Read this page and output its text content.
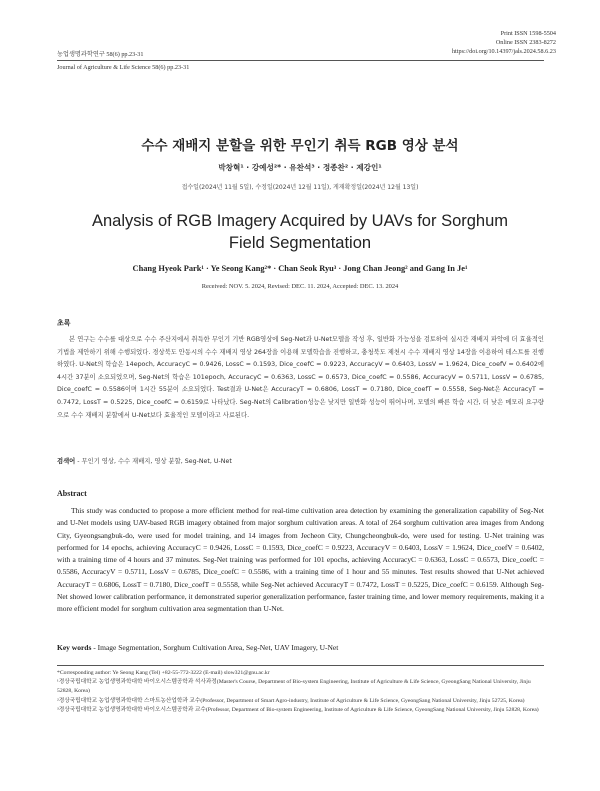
Print ISSN 1598-5504
Online ISSN 2383-8272
https://doi.org/10.14397/jals.2024.58.6.23
농업생명과학연구 58(6) pp.23-31
Journal of Agriculture & Life Science 58(6) pp.23-31
수수 재배지 분할을 위한 무인기 취득 RGB 영상 분석
박창혁¹ · 강예성²* · 유찬석³ · 정종찬² · 제강인¹
접수일(2024년 11월 5일), 수정일(2024년 12월 11일), 게재확정일(2024년 12월 13일)
Analysis of RGB Imagery Acquired by UAVs for Sorghum
Field Segmentation
Chang Hyeok Park¹ · Ye Seong Kang²* · Chan Seok Ryu³ · Jong Chan Jeong² and Gang In Je¹
Received: NOV. 5. 2024, Revised: DEC. 11. 2024, Accepted: DEC. 13. 2024
초록
본 연구는 수수를 대상으로 수수 주산지에서 취득한 무인기 기반 RGB영상에 Seg-Net과 U-Net모델을 작성 후, 일반화 가능성을 검토하여 실시간 재배지 파악에 더 효율적인 기법을 제안하기 위해 수행되었다. 경상북도 안동시의 수수 재배지 영상 264장을 이용해 모델학습을 진행하고, 충청북도 제천시 수수 재배지 영상 14장을 이용하여 테스트를 진행하였다. U-Net의 학습은 14epoch, AccuracyC = 0.9426, LossC = 0.1593, Dice_coefC = 0.9223, AccuracyV = 0.6403, LossV = 1.9624, Dice_coefV = 0.6402에 4시간 37분이 소요되었으며, Seg-Net의 학습은 101epoch, AccuracyC = 0.6363, LossC = 0.6573, Dice_coefC = 0.5586, AccuracyV = 0.5711, LossV = 0.6785, Dice_coefC = 0.5586이며 1시간 55분이 소요되었다. Test결과 U-Net은 AccuracyT = 0.6806, LossT = 0.7180, Dice_coefT = 0.5558, Seg-Net은 AccuracyT = 0.7472, LossT = 0.5225, Dice_coefC = 0.6159로 나타났다. Seg-Net의 Calibration성능은 낮지만 일반화 성능이 뛰어나며, 모델의 빠른 학습 시간, 더 낮은 메모리 요구량으로 수수 재배지 분할에서 U-Net보다 효율적인 모델이라고 사료된다.
검색어 - 무인기 영상, 수수 재배지, 영상 분할, Seg-Net, U-Net
Abstract
This study was conducted to propose a more efficient method for real-time cultivation area detection by examining the generalization capability of Seg-Net and U-Net models using UAV-based RGB imagery obtained from major sorghum cultivation areas. A total of 264 sorghum cultivation area images from Andong City, Gyeongsangbuk-do, were used for model training, and 14 images from Jecheon City, Chungcheongbuk-do, were used for testing. U-Net training was performed for 14 epochs, achieving AccuracyC = 0.9426, LossC = 0.1593, Dice_coefC = 0.9223, AccuracyV = 0.6403, LossV = 1.9624, Dice_coefV = 0.6402, with a training time of 4 hours and 37 minutes. Seg-Net training was performed for 101 epochs, achieving AccuracyC = 0.6363, LossC = 0.6573, Dice_coefC = 0.5586, AccuracyV = 0.5711, LossV = 0.6785, Dice_coefC = 0.5586, with a training time of 1 hour and 55 minutes. Test results showed that U-Net achieved AccuracyT = 0.6806, LossT = 0.7180, Dice_coefT = 0.5558, while Seg-Net achieved AccuracyT = 0.7472, LossT = 0.5225, Dice_coefC = 0.6159. Although Seg-Net showed lower calibration performance, it demonstrated superior generalization performance, faster training time, and lower memory requirements, making it a more efficient model for sorghum cultivation area segmentation than U-Net.
Key words - Image Segmentation, Sorghum Cultivation Area, Seg-Net, UAV Imagery, U-Net

*Corresponding author: Ye Seong Kang (Tel) +82-55-772-3222 (E-mail) slow321@gnu.ac.kr

¹경상국립대학교 농업생명과학대학 바이오시스템공학과 석사과정(Master's Course, Department of Bio-system Engineering, Institute of Agriculture & Life Science, GyeongSang National University, Jinju 52828, Korea)

²경상국립대학교 농업생명과학대학 스마트농산업학과 교수(Professor, Department of Smart Agro-industry, Institute of Agriculture & Life Science, GyeongSang National University, Jinju 52725, Korea)

³경상국립대학교 농업생명과학대학 바이오시스템공학과 교수(Professor, Department of Bio-system Engineering, Institute of Agriculture & Life Science, GyeongSang National University, Jinju 52828, Korea)
